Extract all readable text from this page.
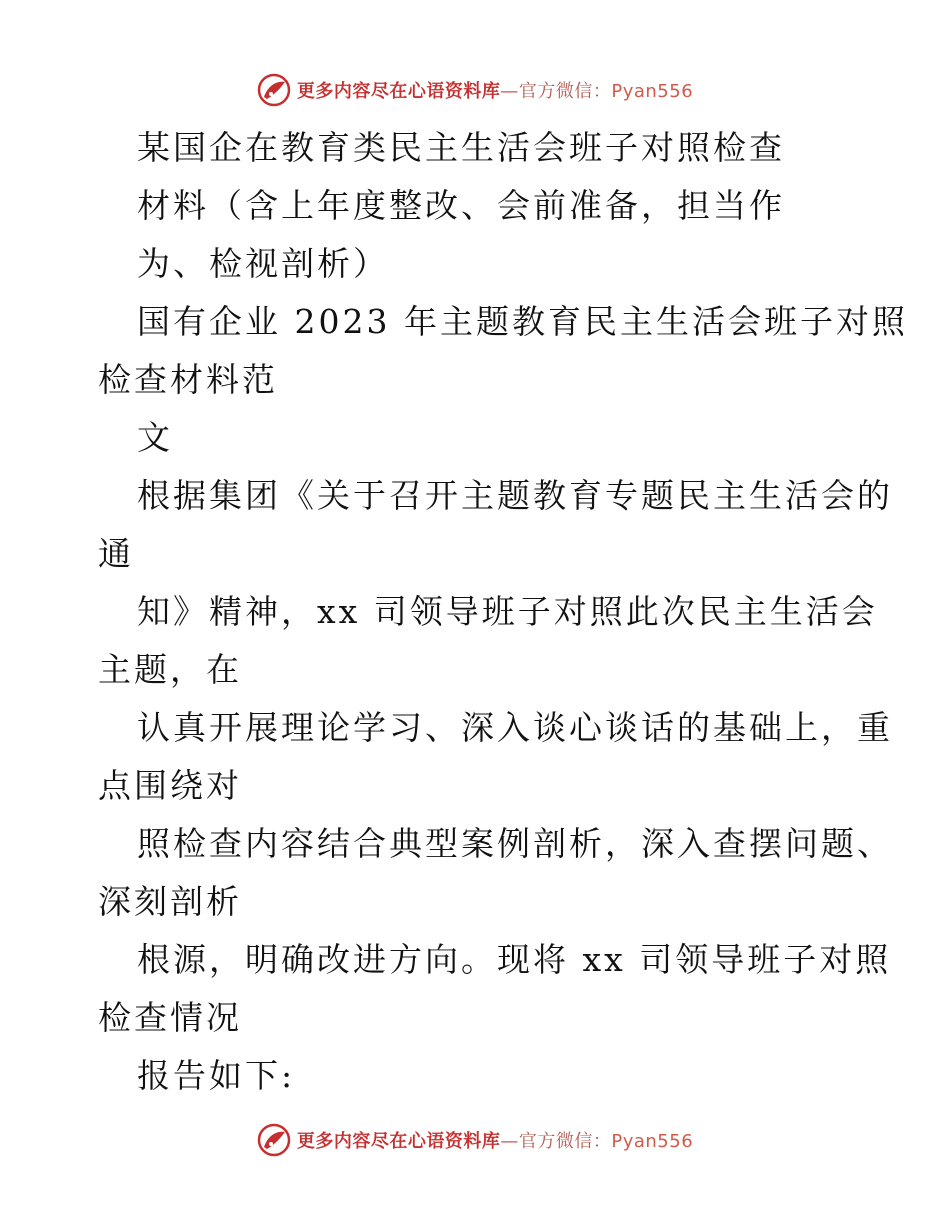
更多内容尽在心语资料库—官方微信：Pyan556
某国企在教育类民主生活会班子对照检查
材料（含上年度整改、会前准备，担当作
为、检视剖析）
国有企业 2023 年主题教育民主生活会班子对照
检查材料范
文
根据集团《关于召开主题教育专题民主生活会的
通
知》精神，xx 司领导班子对照此次民主生活会
主题，在
认真开展理论学习、深入谈心谈话的基础上，重
点围绕对
照检查内容结合典型案例剖析，深入查摆问题、
深刻剖析
根源，明确改进方向。现将 xx 司领导班子对照
检查情况
报告如下:
更多内容尽在心语资料库—官方微信：Pyan556
